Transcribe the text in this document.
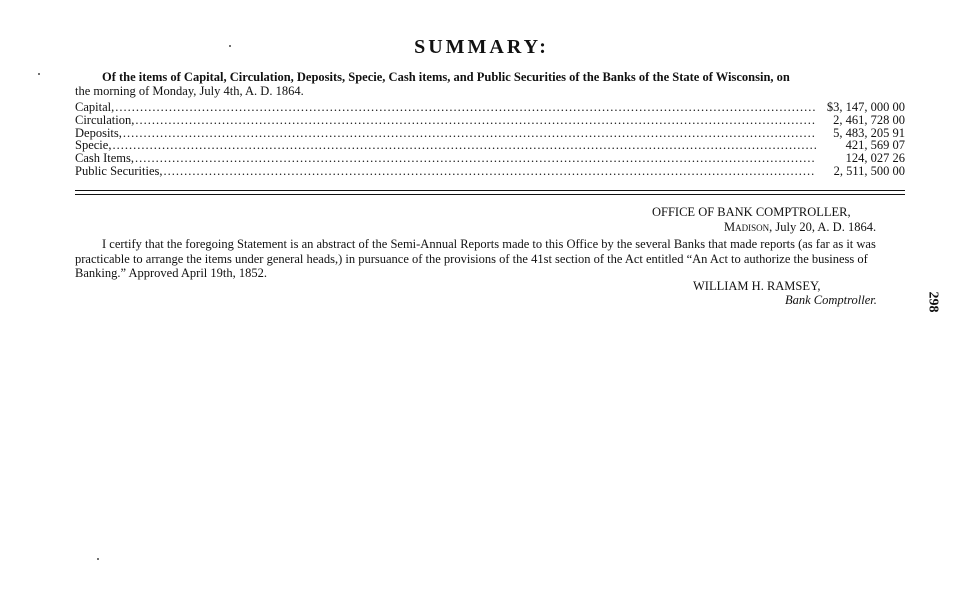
SUMMARY:
Of the items of Capital, Circulation, Deposits, Specie, Cash items, and Public Securities of the Banks of the State of Wisconsin, on
the morning of Monday, July 4th, A. D. 1864.
Capital, .....	$3, 147, 000 00
Circulation, .....	2, 461, 728 00
Deposits, .....	5, 483, 205 91
Specie, .....	421, 569 07
Cash Items, .....	124, 027 26
Public Securities, .....	2, 511, 500 00
OFFICE OF BANK COMPTROLLER,
Madison, July 20, A. D. 1864.
I certify that the foregoing Statement is an abstract of the Semi-Annual Reports made to this Office by the several Banks that made reports (as far as it was practicable to arrange the items under general heads,) in pursuance of the provisions of the 41st section of the Act entitled “An Act to authorize the business of Banking.” Approved April 19th, 1852.
WILLIAM H. RAMSEY,
Bank Comptroller.	298
